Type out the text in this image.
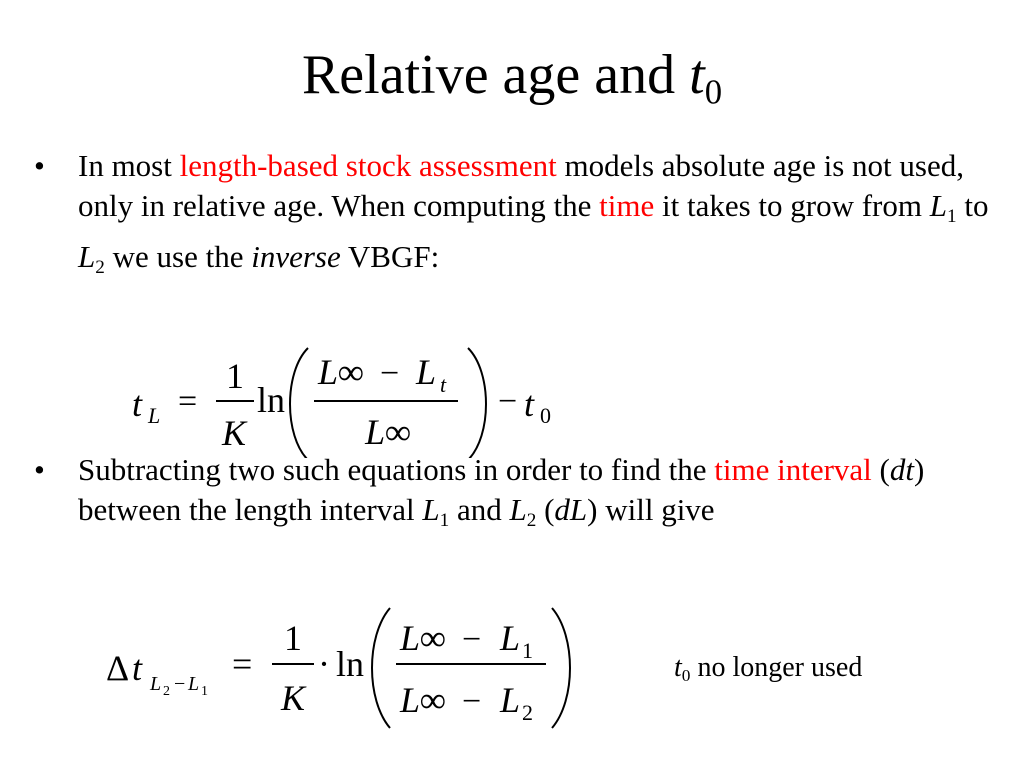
Relative age and $t_0$
•	In most length-based stock assessment models absolute age is not used, only in relative age. When computing the time it takes to grow from $L_1$ to $L_2$ we use the inverse VBGF:
t L =
1
K
ln
L∞ − L t
L∞
− t 0
•	Subtracting two such equations in order to find the time interval (dt) between the length interval $L_1$ and $L_2$ (dL) will give
Δ t L 2 − L 1
=
1
K
· ln
L∞ − L 1
L∞ − L 2
$t_0$ no longer used
